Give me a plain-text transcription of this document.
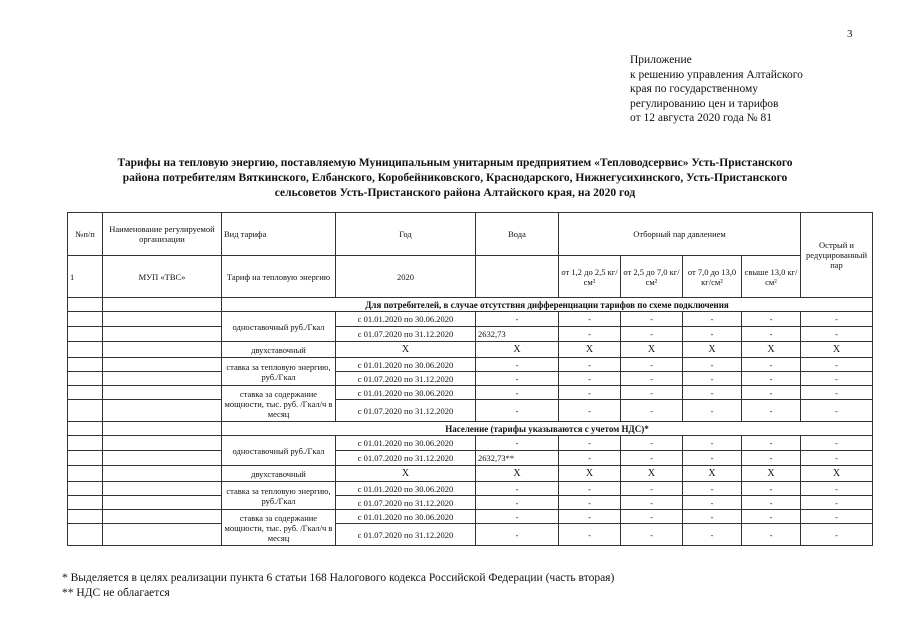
3
Приложение
к решению управления Алтайского
края по государственному
регулированию цен и тарифов
от 12 августа 2020 года № 81
Тарифы на тепловую энергию, поставляемую Муниципальным унитарным предприятием «Тепловодсервис» Усть-Пристанского
района потребителям Вяткинского, Елбанского, Коробейниковского, Краснодарского, Нижнегусихинского, Усть-Пристанского
сельсоветов Усть-Пристанского района Алтайского края, на 2020 год
№п/п	Наименование регулируемой организации	Вид тарифа	Год	Вода	Отборный пар давлением				Острый и редуцированный пар
1	МУП «ТВС»	Тариф на тепловую энергию	2020		от 1,2 до 2,5 кг/см²	от 2,5 до 7,0 кг/см²	от 7,0 до 13,0 кг/см²	свыше 13,0 кг/см²	
		Для потребителей, в случае отсутствия дифференциации тарифов по схеме подключения							
		одноставочный руб./Гкал	с 01.01.2020 по 30.06.2020	-	-	-	-	-	-
			с 01.07.2020 по 31.12.2020	2632,73	-	-	-	-	-
		двухставочный	Х	Х	Х	Х	Х	Х	Х
		ставка за тепловую энергию, руб./Гкал	с 01.01.2020 по 30.06.2020	-	-	-	-	-	-
			с 01.07.2020 по 31.12.2020	-	-	-	-	-	-
		ставка за содержание мощности, тыс. руб. /Гкал/ч в месяц	с 01.01.2020 по 30.06.2020	-	-	-	-	-	-
			с 01.07.2020 по 31.12.2020	-	-	-	-	-	-
		Население (тарифы указываются с учетом НДС)*							
		одноставочный руб./Гкал	с 01.01.2020 по 30.06.2020	-	-	-	-	-	-
			с 01.07.2020 по 31.12.2020	2632,73**	-	-	-	-	-
		двухставочный	Х	Х	Х	Х	Х	Х	Х
		ставка за тепловую энергию, руб./Гкал	с 01.01.2020 по 30.06.2020	-	-	-	-	-	-
			с 01.07.2020 по 31.12.2020	-	-	-	-	-	-
		ставка за содержание мощности, тыс. руб. /Гкал/ч в месяц	с 01.01.2020 по 30.06.2020	-	-	-	-	-	-
			с 01.07.2020 по 31.12.2020	-	-	-	-	-	-
* Выделяется в целях реализации пункта 6 статьи 168 Налогового кодекса Российской Федерации (часть вторая)
** НДС не облагается
